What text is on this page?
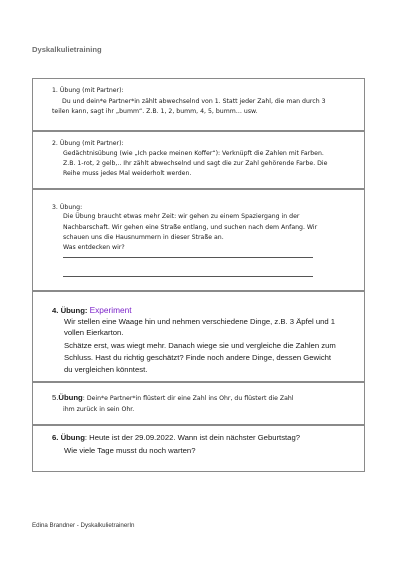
Dyskalkulietraining
1. Übung (mit Partner):
Du und dein*e Partner*in zählt abwechselnd von 1. Statt jeder Zahl, die man durch 3
teilen kann, sagt ihr „bumm“. Z.B. 1, 2, bumm, 4, 5, bumm… usw.
2. Übung (mit Partner):
Gedächtnisübung (wie „Ich packe meinen Koffer“): Verknüpft die Zahlen mit Farben.
Z.B. 1-rot, 2 gelb,.. Ihr zählt abwechselnd und sagt die zur Zahl gehörende Farbe. Die
Reihe muss jedes Mal weiderholt werden.
3. Übung:
Die Übung braucht etwas mehr Zeit: wir gehen zu einem Spaziergang in der
Nachbarschaft. Wir gehen eine Straße entlang, und suchen nach dem Anfang. Wir
schauen uns die Hausnummern in dieser Straße an.
Was entdecken wir?
4. Übung: Experiment
Wir stellen eine Waage hin und nehmen verschiedene Dinge, z.B. 3 Äpfel und 1
vollen Eierkarton.
Schätze erst, was wiegt mehr. Danach wiege sie und vergleiche die Zahlen zum
Schluss. Hast du richtig geschätzt? Finde noch andere Dinge, dessen Gewicht
du vergleichen könntest.
5.Übung: Dein*e Partner*in flüstert dir eine Zahl ins Ohr, du flüstert die Zahl
ihm zurück in sein Ohr.
6. Übung: Heute ist der 29.09.2022. Wann ist dein nächster Geburtstag?
Wie viele Tage musst du noch warten?
Edina Brandner - DyskalkulietrainerIn
